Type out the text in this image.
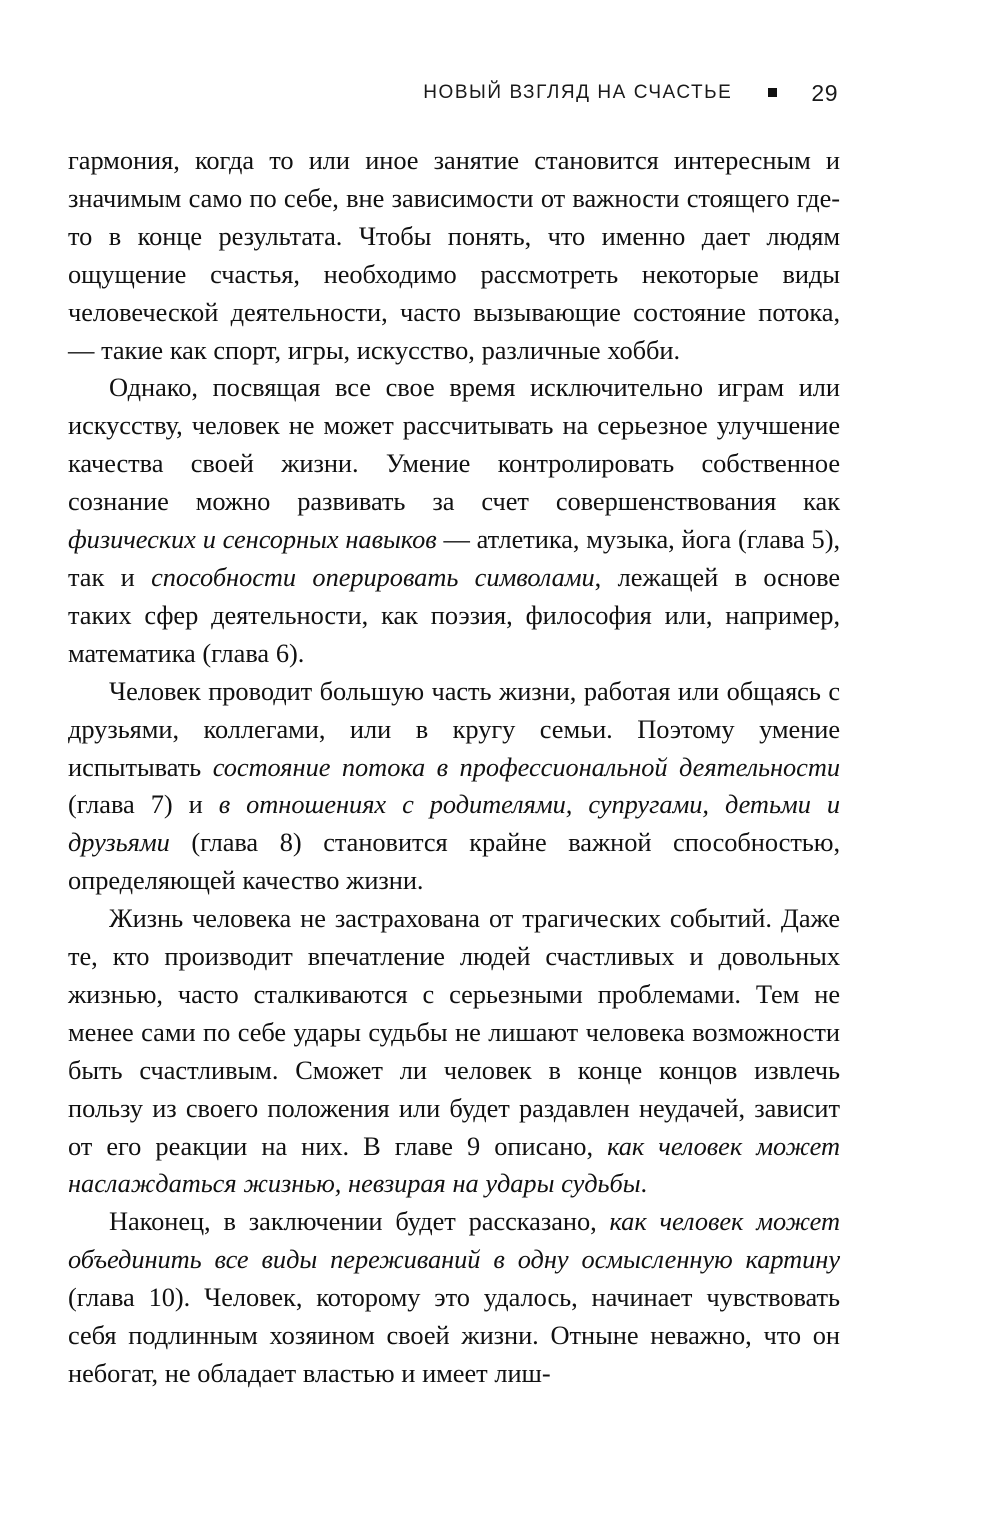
НОВЫЙ ВЗГЛЯД НА СЧАСТЬЕ	29

гармония, когда то или иное занятие становится интересным и значимым само по себе, вне зависимости от важности стоящего где-то в конце результата. Чтобы понять, что именно дает людям ощущение счастья, необходимо рассмотреть некоторые виды человеческой деятельности, часто вызывающие состояние потока, — такие как спорт, игры, искусство, различные хобби.

Однако, посвящая все свое время исключительно играм или искусству, человек не может рассчитывать на серьезное улучшение качества своей жизни. Умение контролировать собственное сознание можно развивать за счет совершенствования как физических и сенсорных навыков — атлетика, музыка, йога (глава 5), так и способности оперировать символами, лежащей в основе таких сфер деятельности, как поэзия, философия или, например, математика (глава 6).

Человек проводит большую часть жизни, работая или общаясь с друзьями, коллегами, или в кругу семьи. Поэтому умение испытывать состояние потока в профессиональной деятельности (глава 7) и в отношениях с родителями, супругами, детьми и друзьями (глава 8) становится крайне важной способностью, определяющей качество жизни.

Жизнь человека не застрахована от трагических событий. Даже те, кто производит впечатление людей счастливых и довольных жизнью, часто сталкиваются с серьезными проблемами. Тем не менее сами по себе удары судьбы не лишают человека возможности быть счастливым. Сможет ли человек в конце концов извлечь пользу из своего положения или будет раздавлен неудачей, зависит от его реакции на них. В главе 9 описано, как человек может наслаждаться жизнью, невзирая на удары судьбы.

Наконец, в заключении будет рассказано, как человек может объединить все виды переживаний в одну осмысленную картину (глава 10). Человек, которому это удалось, начинает чувствовать себя подлинным хозяином своей жизни. Отныне неважно, что он небогат, не обладает властью и имеет лиш-
